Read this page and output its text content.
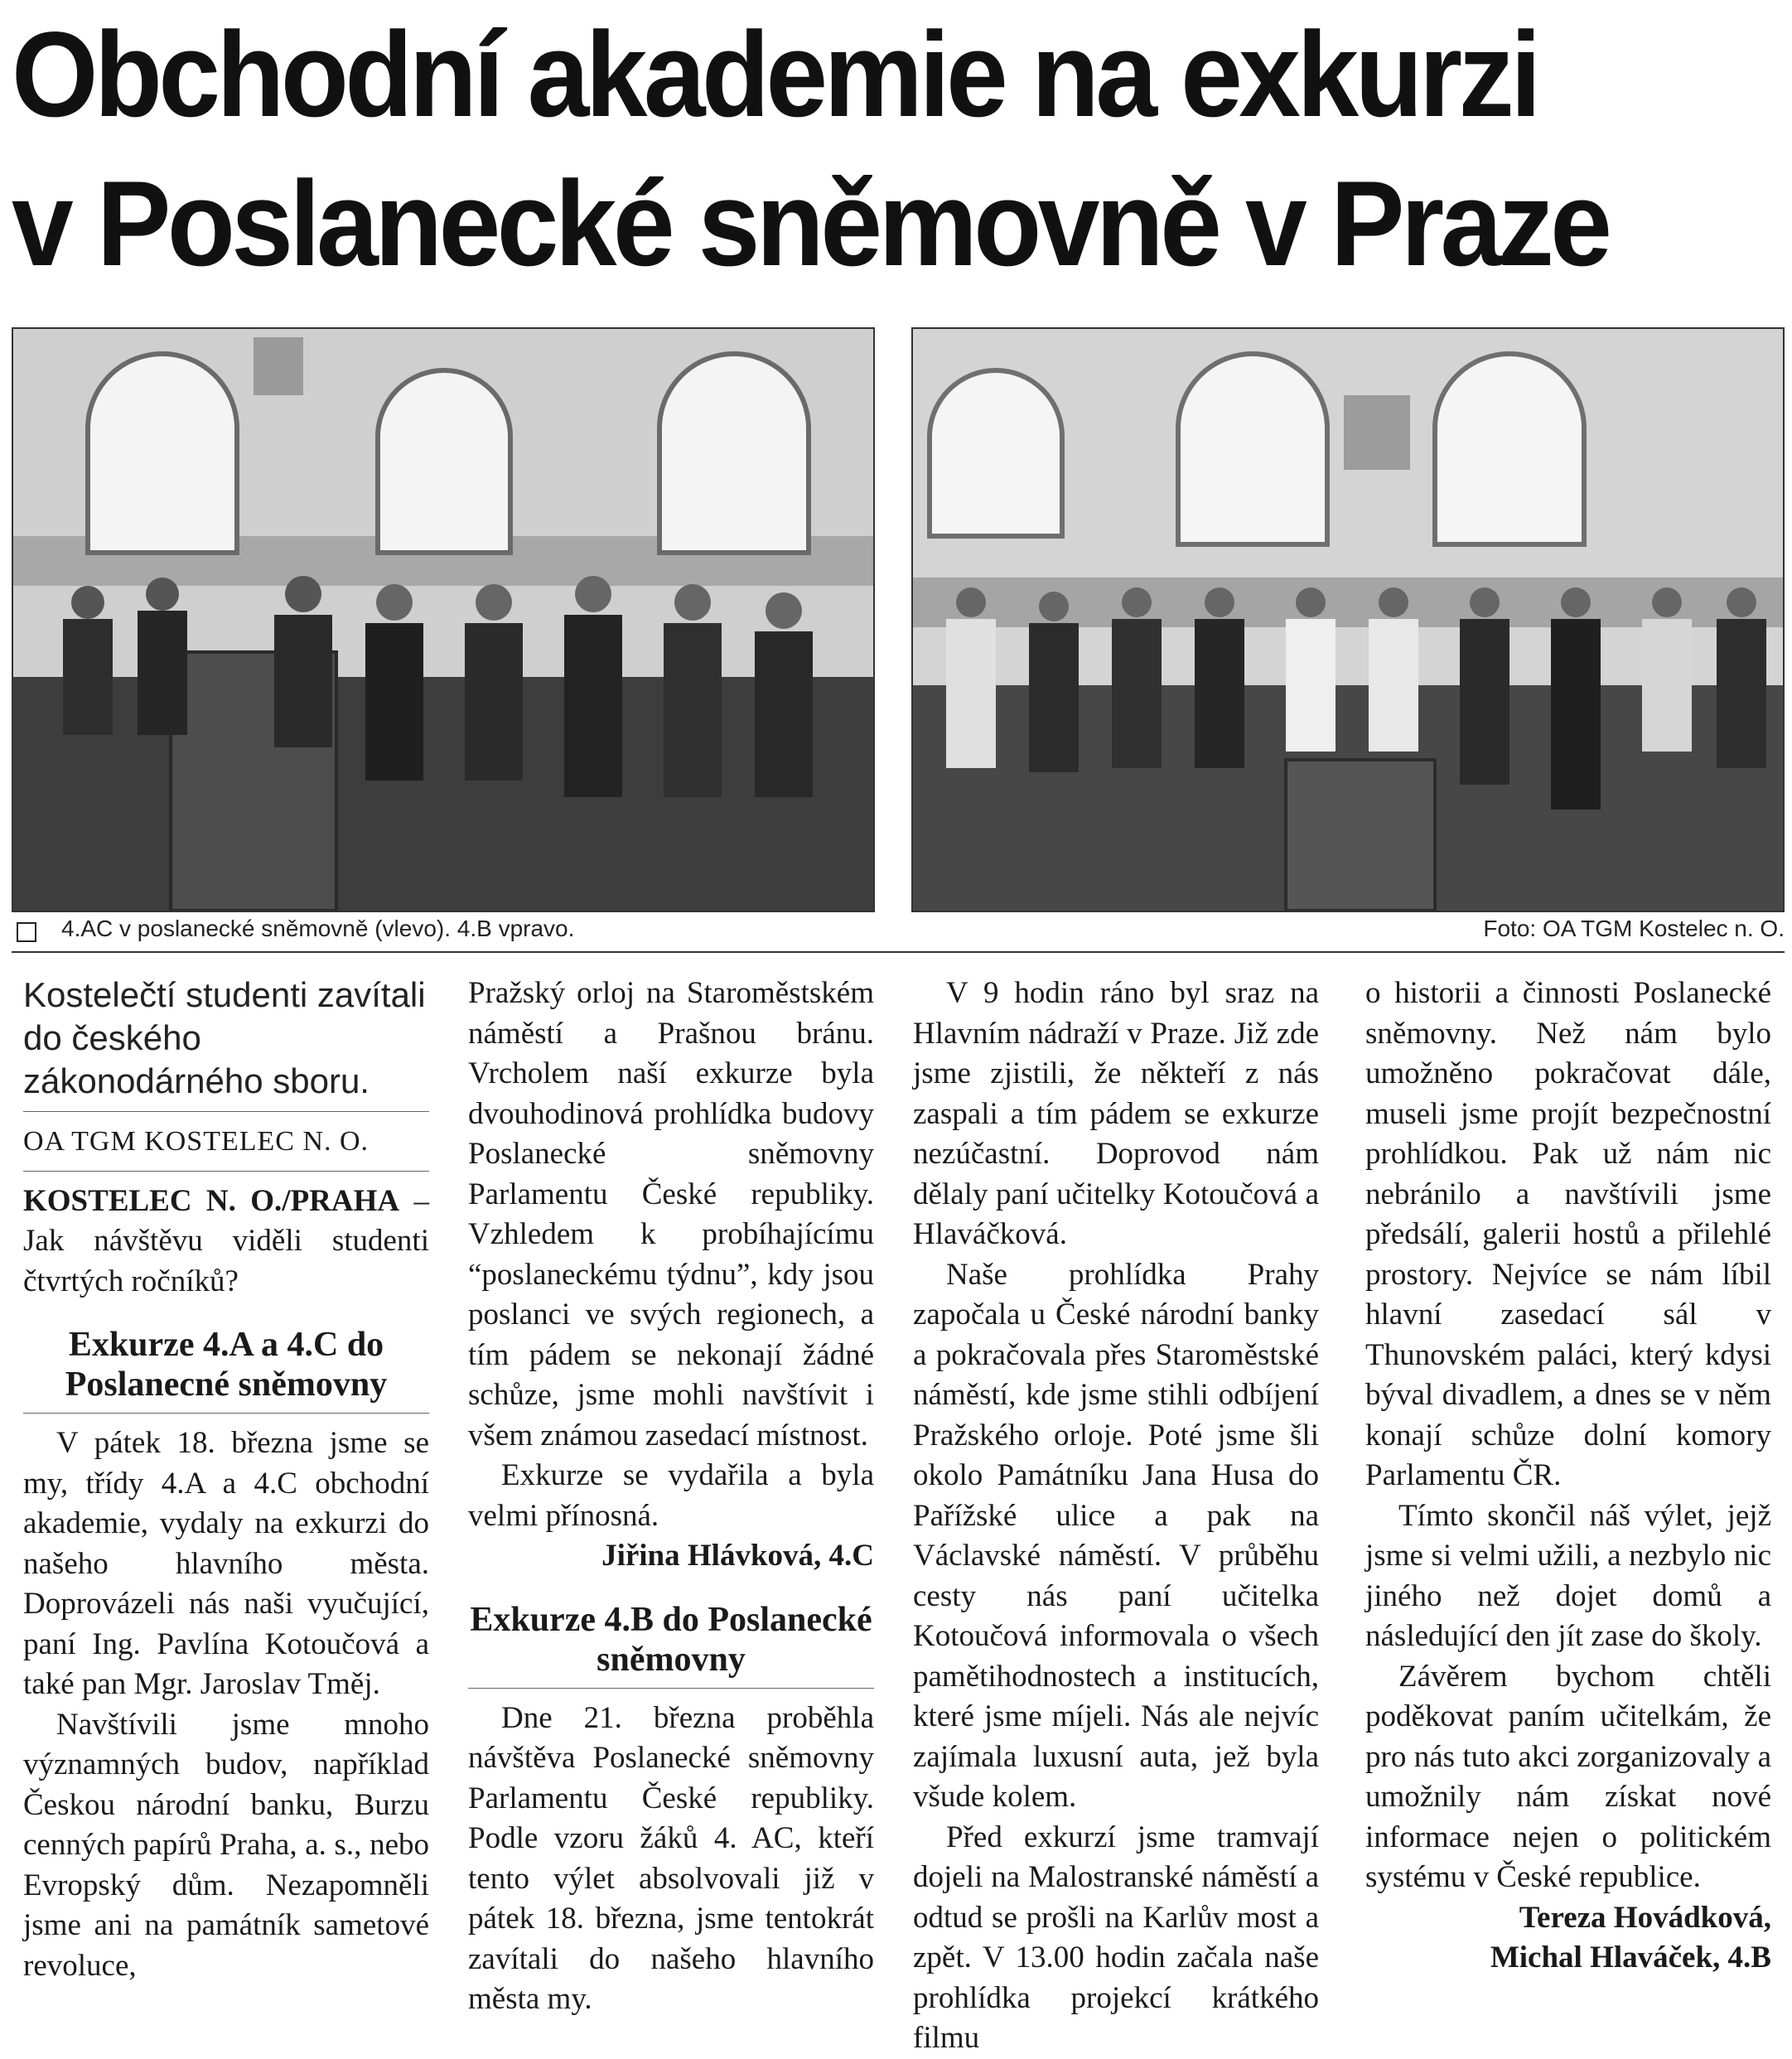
Obchodní akademie na exkurzi
v Poslanecké sněmovně v Praze
4.AC v poslanecké sněmovně (vlevo). 4.B vpravo.	Foto: OA TGM Kostelec n. O.
Kostelečtí studenti zavítali do českého zákonodárného sboru.
OA TGM KOSTELEC N. O.

KOSTELEC N. O./PRAHA – Jak návštěvu viděli studenti čtvrtých ročníků?

Exkurze 4.A a 4.C do Poslanecné sněmovny

V pátek 18. března jsme se my, třídy 4.A a 4.C obchodní akademie, vydaly na exkurzi do našeho hlavního města. Doprovázeli nás naši vyučující, paní Ing. Pavlína Kotoučová a také pan Mgr. Jaroslav Tměj.

Navštívili jsme mnoho významných budov, například Českou národní banku, Burzu cenných papírů Praha, a. s., nebo Evropský dům. Nezapomněli jsme ani na památník sametové revoluce,

Pražský orloj na Staroměstském náměstí a Prašnou bránu. Vrcholem naší exkurze byla dvouhodinová prohlídka budovy Poslanecké sněmovny Parlamentu České republiky. Vzhledem k probíhajícímu “poslaneckému týdnu”, kdy jsou poslanci ve svých regionech, a tím pádem se nekonají žádné schůze, jsme mohli navštívit i všem známou zasedací místnost.

Exkurze se vydařila a byla velmi přínosná.

Jiřina Hlávková, 4.C
Exkurze 4.B do Poslanecké sněmovny

Dne 21. března proběhla návštěva Poslanecké sněmovny Parlamentu České republiky. Podle vzoru žáků 4. AC, kteří tento výlet absolvovali již v pátek 18. března, jsme tentokrát zavítali do našeho hlavního města my.

V 9 hodin ráno byl sraz na Hlavním nádraží v Praze. Již zde jsme zjistili, že někteří z nás zaspali a tím pádem se exkurze nezúčastní. Doprovod nám dělaly paní učitelky Kotoučová a Hlaváčková.

Naše prohlídka Prahy započala u České národní banky a pokračovala přes Staroměstské náměstí, kde jsme stihli odbíjení Pražského orloje. Poté jsme šli okolo Památníku Jana Husa do Pařížské ulice a pak na Václavské náměstí. V průběhu cesty nás paní učitelka Kotoučová informovala o všech pamětihodnostech a institucích, které jsme míjeli. Nás ale nejvíc zajímala luxusní auta, jež byla všude kolem.

Před exkurzí jsme tramvají dojeli na Malostranské náměstí a odtud se prošli na Karlův most a zpět. V 13.00 hodin začala naše prohlídka projekcí krátkého filmu

o historii a činnosti Poslanecké sněmovny. Než nám bylo umožněno pokračovat dále, museli jsme projít bezpečnostní prohlídkou. Pak už nám nic nebránilo a navštívili jsme předsálí, galerii hostů a přilehlé prostory. Nejvíce se nám líbil hlavní zasedací sál v Thunovském paláci, který kdysi býval divadlem, a dnes se v něm konají schůze dolní komory Parlamentu ČR.

Tímto skončil náš výlet, jejž jsme si velmi užili, a nezbylo nic jiného než dojet domů a následující den jít zase do školy.

Závěrem bychom chtěli poděkovat paním učitelkám, že pro nás tuto akci zorganizovaly a umožnily nám získat nové informace nejen o politickém systému v České republice.

Tereza Hovádková,
Michal Hlaváček, 4.B
